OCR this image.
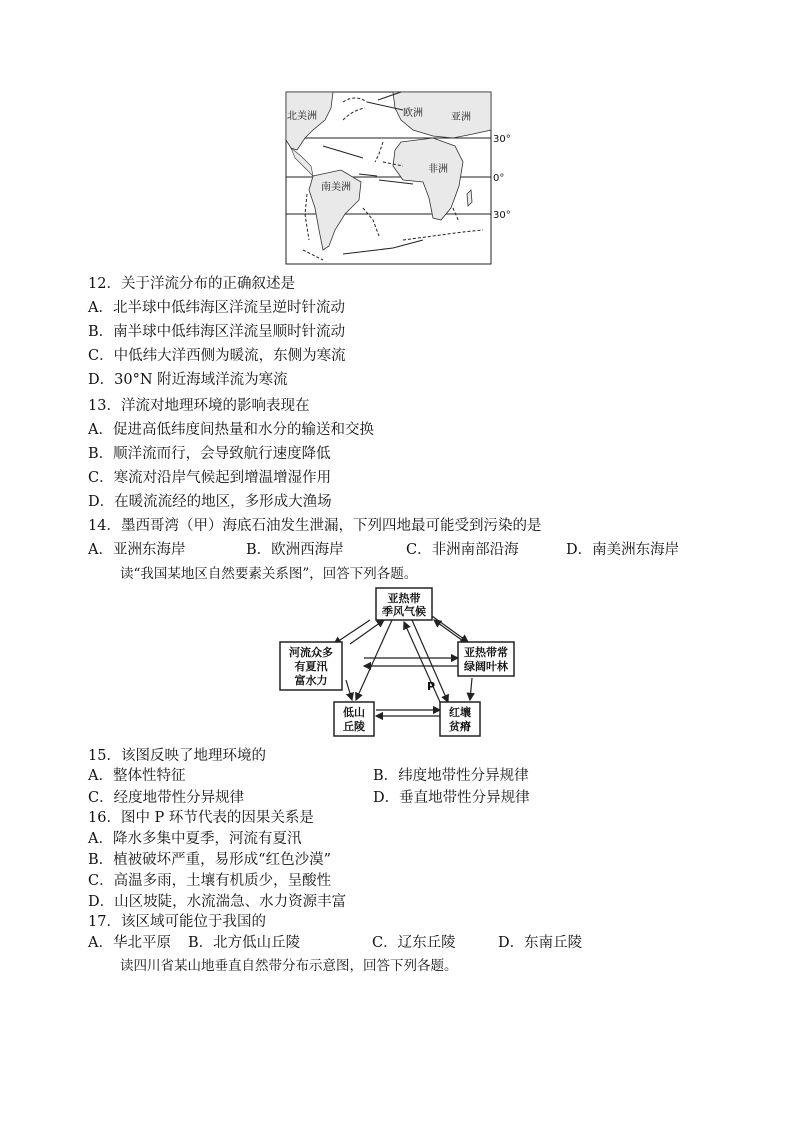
北美洲	欧洲	亚洲
非洲
南美洲
30°
0°
30°
12．关于洋流分布的正确叙述是
A．北半球中低纬海区洋流呈逆时针流动
B．南半球中低纬海区洋流呈顺时针流动
C．中低纬大洋西侧为暖流，东侧为寒流
D．30°N 附近海域洋流为寒流
13．洋流对地理环境的影响表现在
A．促进高低纬度间热量和水分的输送和交换
B．顺洋流而行，会导致航行速度降低
C．寒流对沿岸气候起到增温增湿作用
D．在暖流流经的地区，多形成大渔场
14．墨西哥湾（甲）海底石油发生泄漏，下列四地最可能受到污染的是
A．亚洲东海岸	B．欧洲西海岸	C．非洲南部沿海	D．南美洲东海岸
读“我国某地区自然要素关系图”，回答下列各题。
亚热带
季风气候
河流众多
有夏汛
富水力
亚热带常
绿阔叶林
低山
丘陵
红壤
贫瘠
P
15．该图反映了地理环境的
A．整体性特征	B．纬度地带性分异规律
C．经度地带性分异规律	D．垂直地带性分异规律
16．图中 P 环节代表的因果关系是
A．降水多集中夏季，河流有夏汛
B．植被破坏严重，易形成“红色沙漠”
C．高温多雨，土壤有机质少，呈酸性
D．山区坡陡，水流湍急、水力资源丰富
17．该区域可能位于我国的
A．华北平原 B．北方低山丘陵	C．辽东丘陵	D．东南丘陵
读四川省某山地垂直自然带分布示意图，回答下列各题。
